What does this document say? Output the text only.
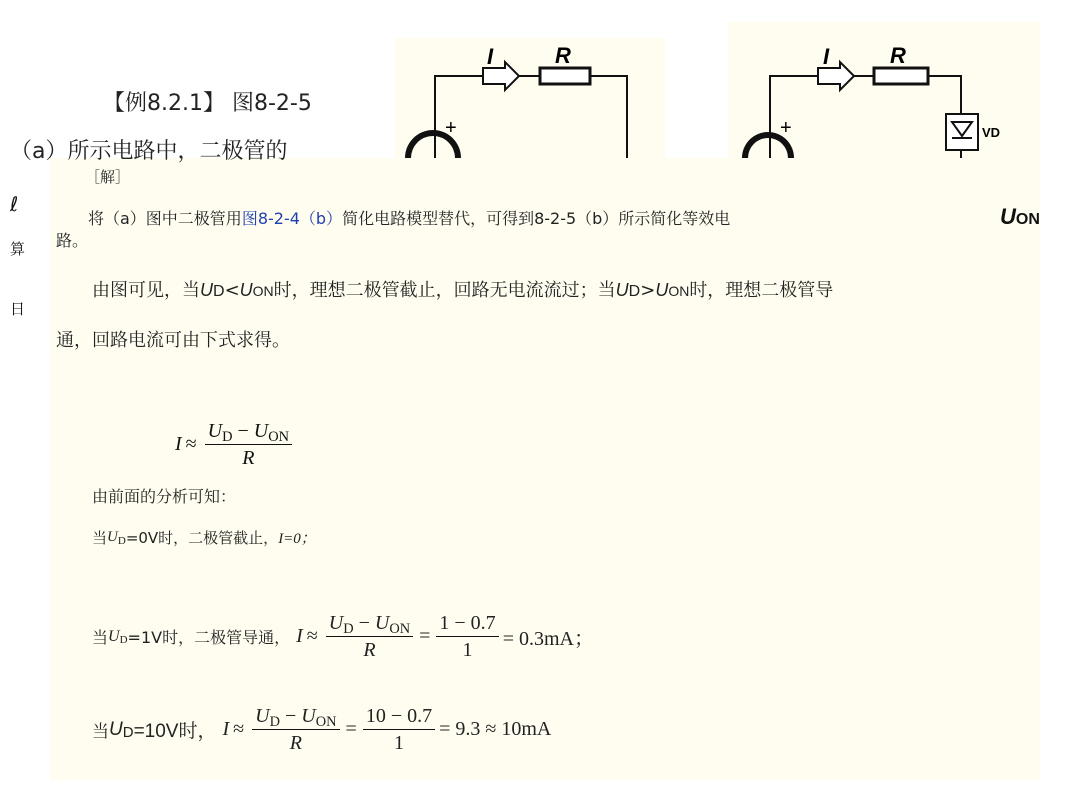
【例8.2.1】 图8-2-5
（a）所示电路中，二极管的
I	R
+
I	R
+	VD
UON
ℓ
算
日
［解］
将（a）图中二极管用图8-2-4（b）简化电路模型替代，可得到8-2-5（b）所示简化等效电
路。
由图可见，当UD<UON时，理想二极管截止，回路无电流流过；当UD>UON时，理想二极管导
通，回路电流可由下式求得。
$I \approx \frac{U_D - U_{ON}}{R}$
由前面的分析可知：
当 U D =0V时，二极管截止， I=0；
当 U D =1V时，二极管导通， $I \approx \frac{U_D - U_{ON}}{R} = \frac{1 - 0.7}{1} = 0.3mA$；
当 U D =10V时， $I \approx \frac{U_D - U_{ON}}{R} = \frac{10 - 0.7}{1} = 9.3 \approx 10mA$
